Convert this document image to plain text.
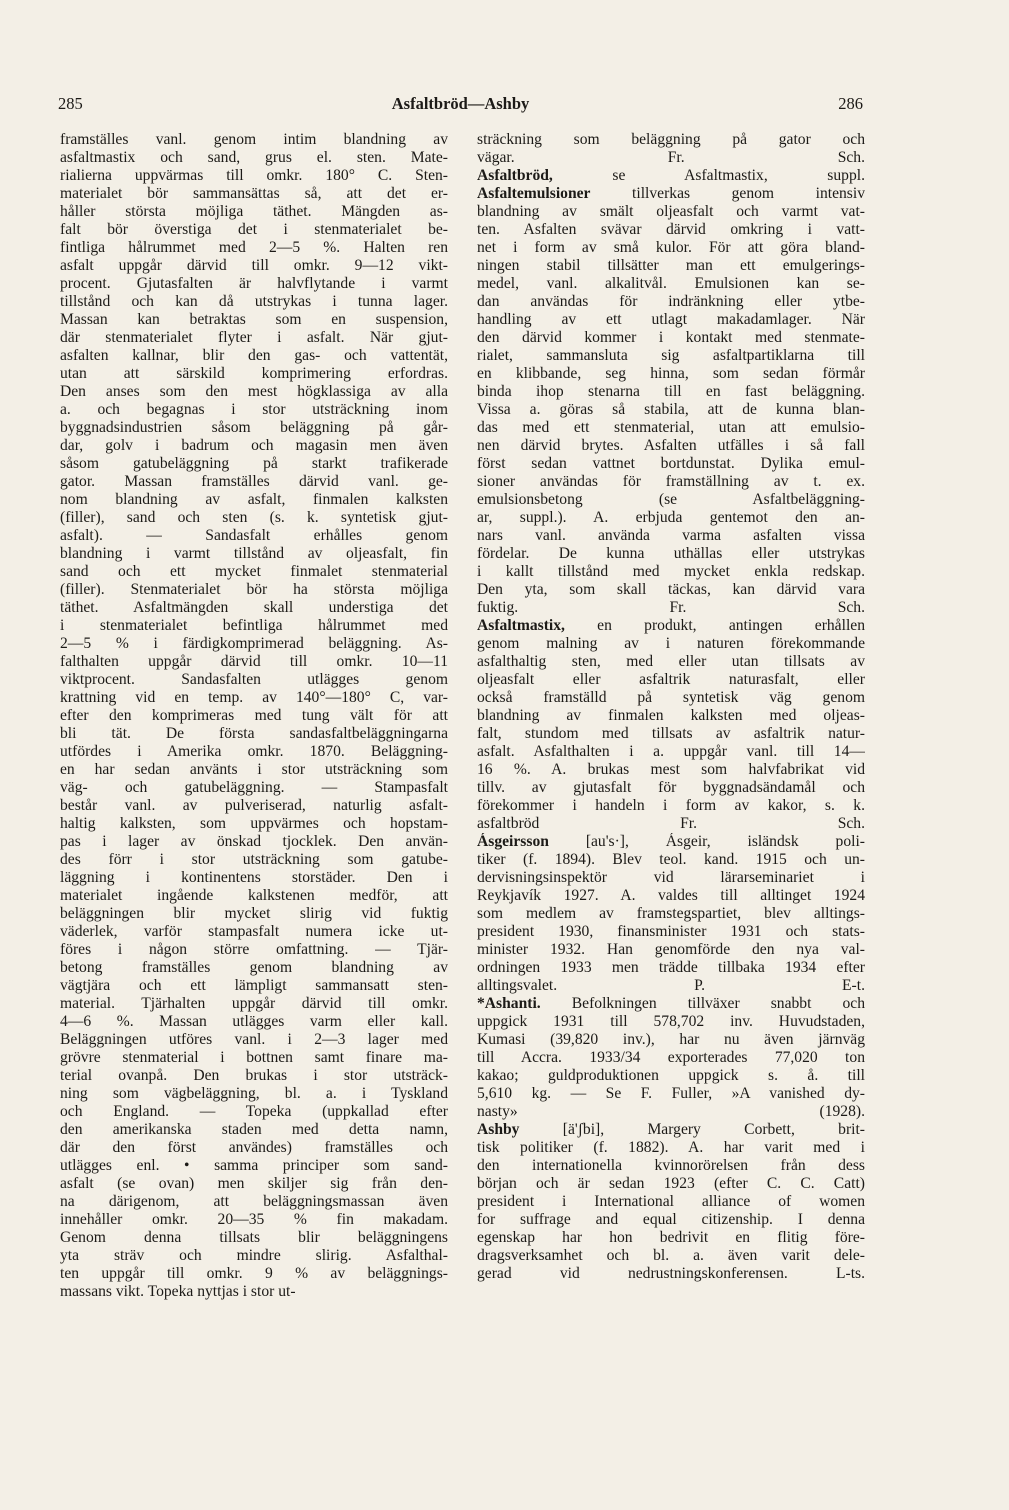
285	Asfaltbröd—Ashby	286
framställes vanl. genom intim blandning av
asfaltmastix och sand, grus el. sten. Mate-
rialierna uppvärmas till omkr. 180° C. Sten-
materialet bör sammansättas så, att det er-
håller största möjliga täthet. Mängden as-
falt bör överstiga det i stenmaterialet be-
fintliga hålrummet med 2—5 %. Halten ren
asfalt uppgår därvid till omkr. 9—12 vikt-
procent. Gjutasfalten är halvflytande i varmt
tillstånd och kan då utstrykas i tunna lager.
Massan kan betraktas som en suspension,
där stenmaterialet flyter i asfalt. När gjut-
asfalten kallnar, blir den gas- och vattentät,
utan att särskild komprimering erfordras.
Den anses som den mest högklassiga av alla
a. och begagnas i stor utsträckning inom
byggnadsindustrien såsom beläggning på går-
dar, golv i badrum och magasin men även
såsom gatubeläggning på starkt trafikerade
gator. Massan framställes därvid vanl. ge-
nom blandning av asfalt, finmalen kalksten
(filler), sand och sten (s. k. syntetisk gjut-
asfalt). — Sandasfalt erhålles genom
blandning i varmt tillstånd av oljeasfalt, fin
sand och ett mycket finmalet stenmaterial
(filler). Stenmaterialet bör ha största möjliga
täthet. Asfaltmängden skall understiga det
i stenmaterialet befintliga hålrummet med
2—5 % i färdigkomprimerad beläggning. As-
falthalten uppgår därvid till omkr. 10—11
viktprocent. Sandasfalten utlägges genom
krattning vid en temp. av 140°—180° C, var-
efter den komprimeras med tung vält för att
bli tät. De första sandasfaltbeläggningarna
utfördes i Amerika omkr. 1870. Beläggning-
en har sedan använts i stor utsträckning som
väg- och gatubeläggning. — Stampasfalt
består vanl. av pulveriserad, naturlig asfalt-
haltig kalksten, som uppvärmes och hopstam-
pas i lager av önskad tjocklek. Den använ-
des förr i stor utsträckning som gatube-
läggning i kontinentens storstäder. Den i
materialet ingående kalkstenen medför, att
beläggningen blir mycket slirig vid fuktig
väderlek, varför stampasfalt numera icke ut-
föres i någon större omfattning. — Tjär-
betong framställes genom blandning av
vägtjära och ett lämpligt sammansatt sten-
material. Tjärhalten uppgår därvid till omkr.
4—6 %. Massan utlägges varm eller kall.
Beläggningen utföres vanl. i 2—3 lager med
grövre stenmaterial i bottnen samt finare ma-
terial ovanpå. Den brukas i stor utsträck-
ning som vägbeläggning, bl. a. i Tyskland
och England. — Topeka (uppkallad efter
den amerikanska staden med detta namn,
där den först användes) framställes och
utlägges enl. • samma principer som sand-
asfalt (se ovan) men skiljer sig från den-
na därigenom, att beläggningsmassan även
innehåller omkr. 20—35 % fin makadam.
Genom denna tillsats blir beläggningens
yta sträv och mindre slirig. Asfalthal-
ten uppgår till omkr. 9 % av beläggnings-
massans vikt. Topeka nyttjas i stor ut-
sträckning som beläggning på gator och
vägar. Fr. Sch.
Asfaltbröd, se Asfaltmastix, suppl.
Asfaltemulsioner tillverkas genom intensiv
blandning av smält oljeasfalt och varmt vat-
ten. Asfalten svävar därvid omkring i vatt-
net i form av små kulor. För att göra bland-
ningen stabil tillsätter man ett emulgerings-
medel, vanl. alkalitvål. Emulsionen kan se-
dan användas för indränkning eller ytbe-
handling av ett utlagt makadamlager. När
den därvid kommer i kontakt med stenmate-
rialet, sammansluta sig asfaltpartiklarna till
en klibbande, seg hinna, som sedan förmår
binda ihop stenarna till en fast beläggning.
Vissa a. göras så stabila, att de kunna blan-
das med ett stenmaterial, utan att emulsio-
nen därvid brytes. Asfalten utfälles i så fall
först sedan vattnet bortdunstat. Dylika emul-
sioner användas för framställning av t. ex.
emulsionsbetong (se Asfaltbeläggning-
ar, suppl.). A. erbjuda gentemot den an-
nars vanl. använda varma asfalten vissa
fördelar. De kunna uthällas eller utstrykas
i kallt tillstånd med mycket enkla redskap.
Den yta, som skall täckas, kan därvid vara
fuktig. Fr. Sch.
Asfaltmastix, en produkt, antingen erhållen
genom malning av i naturen förekommande
asfalthaltig sten, med eller utan tillsats av
oljeasfalt eller asfaltrik naturasfalt, eller
också framställd på syntetisk väg genom
blandning av finmalen kalksten med oljeas-
falt, stundom med tillsats av asfaltrik natur-
asfalt. Asfalthalten i a. uppgår vanl. till 14—
16 %. A. brukas mest som halvfabrikat vid
tillv. av gjutasfalt för byggnadsändamål och
förekommer i handeln i form av kakor, s. k.
asfaltbröd Fr. Sch.
Ásgeirsson [au's·], Ásgeir, isländsk poli-
tiker (f. 1894). Blev teol. kand. 1915 och un-
dervisningsinspektör vid lärarseminariet i
Reykjavík 1927. A. valdes till alltinget 1924
som medlem av framstegspartiet, blev alltings-
president 1930, finansminister 1931 och stats-
minister 1932. Han genomförde den nya val-
ordningen 1933 men trädde tillbaka 1934 efter
alltingsvalet. P. E-t.
*Ashanti. Befolkningen tillväxer snabbt och
uppgick 1931 till 578,702 inv. Huvudstaden,
Kumasi (39,820 inv.), har nu även järnväg
till Accra. 1933/34 exporterades 77,020 ton
kakao; guldproduktionen uppgick s. å. till
5,610 kg. — Se F. Fuller, »A vanished dy-
nasty» (1928).
Ashby [ä'ʃbi], Margery Corbett, brit-
tisk politiker (f. 1882). A. har varit med i
den internationella kvinnorörelsen från dess
början och är sedan 1923 (efter C. C. Catt)
president i International alliance of women
for suffrage and equal citizenship. I denna
egenskap har hon bedrivit en flitig före-
dragsverksamhet och bl. a. även varit dele-
gerad vid nedrustningskonferensen. L-ts.
